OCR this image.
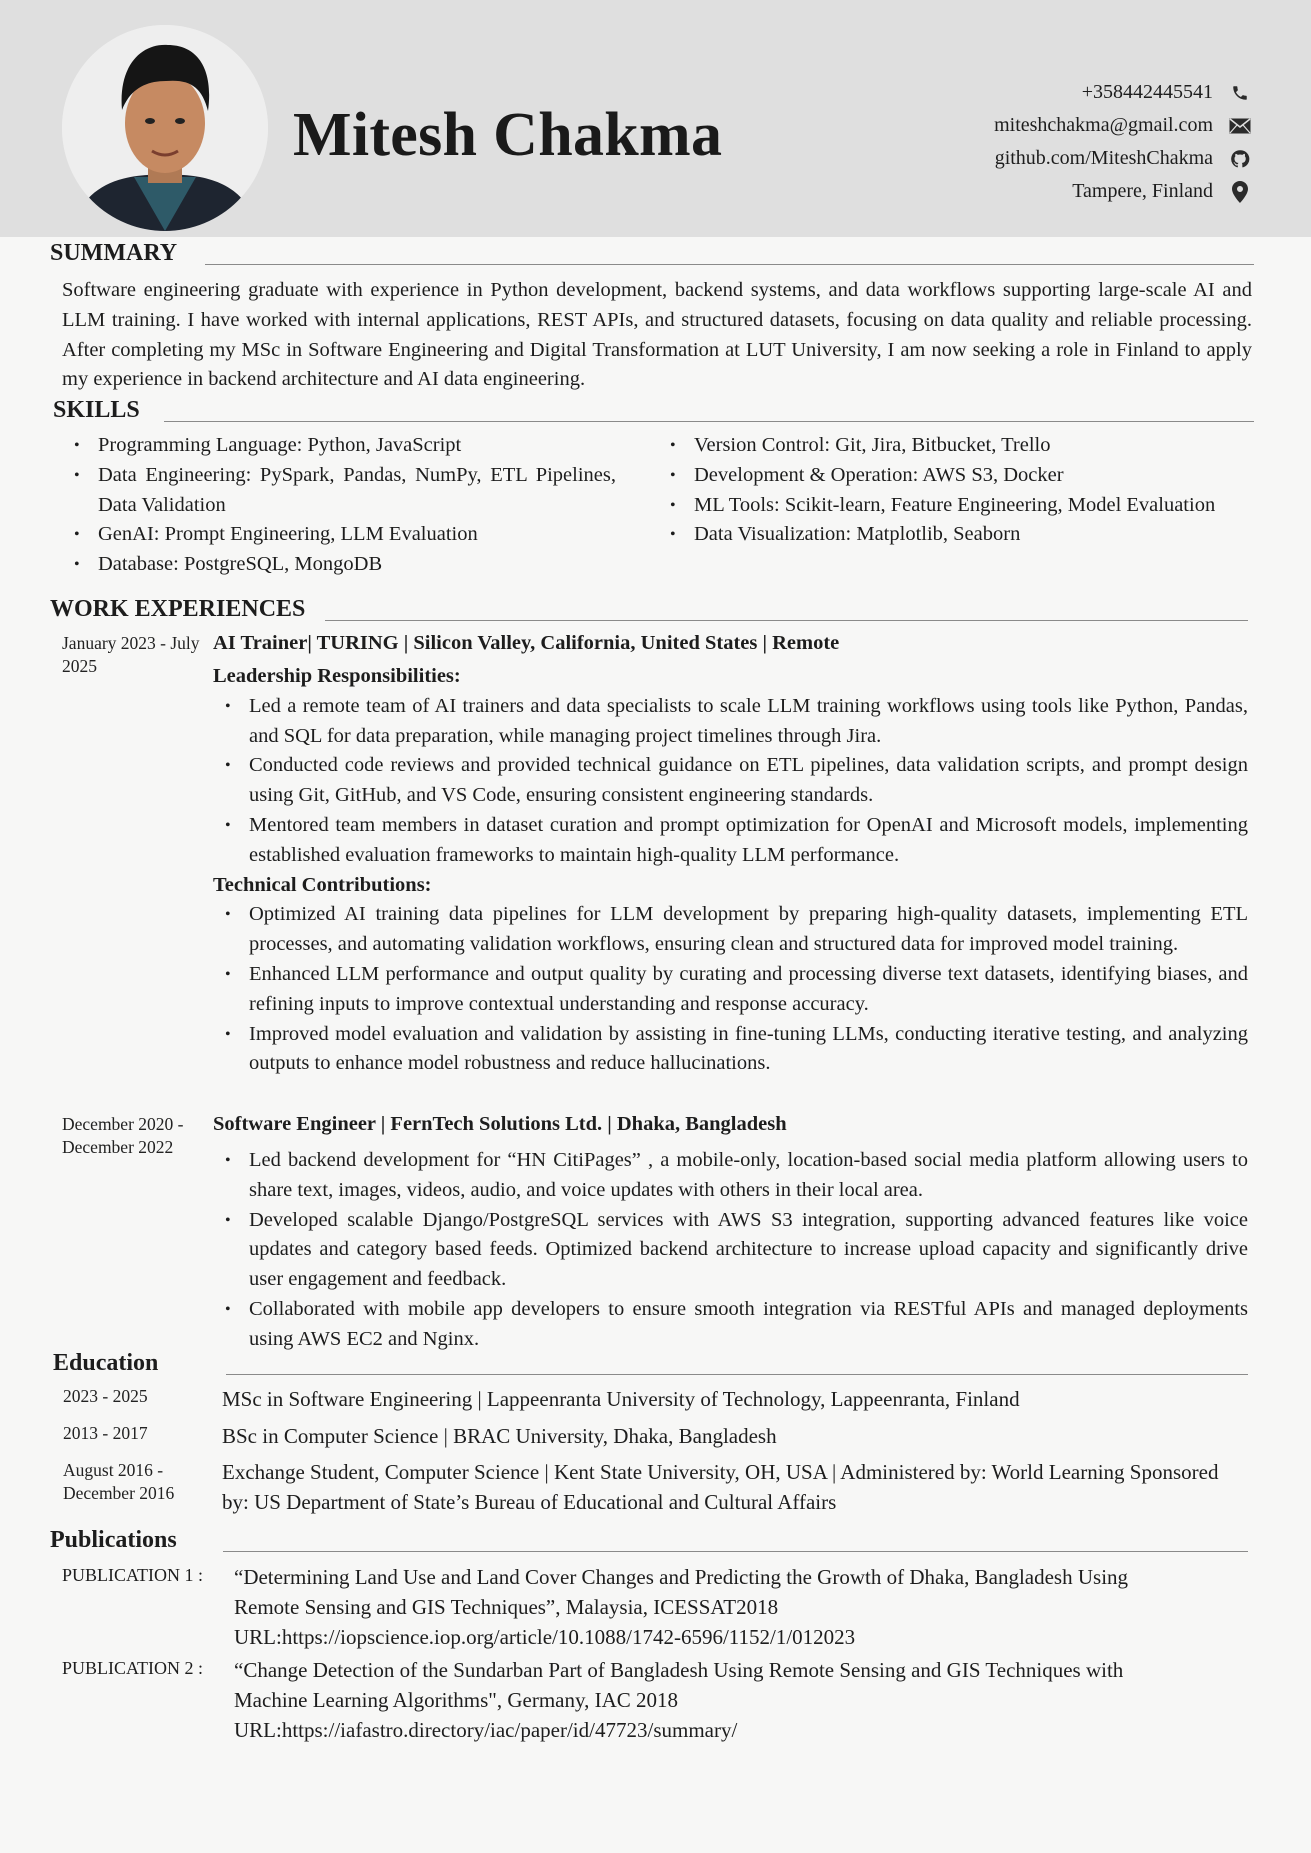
Mitesh Chakma
+358442445541
miteshchakma@gmail.com
github.com/MiteshChakma
Tampere, Finland
SUMMARY
Software engineering graduate with experience in Python development, backend systems, and data workflows supporting large-scale AI and LLM training. I have worked with internal applications, REST APIs, and structured datasets, focusing on data quality and reliable processing. After completing my MSc in Software Engineering and Digital Transformation at LUT University, I am now seeking a role in Finland to apply my experience in backend architecture and AI data engineering.
SKILLS
• Programming Language: Python, JavaScript
• Data Engineering: PySpark, Pandas, NumPy, ETL Pipelines, Data Validation
• GenAI: Prompt Engineering, LLM Evaluation
• Database: PostgreSQL, MongoDB
• Version Control: Git, Jira, Bitbucket, Trello
• Development & Operation: AWS S3, Docker
• ML Tools: Scikit-learn, Feature Engineering, Model Evaluation
• Data Visualization: Matplotlib, Seaborn
WORK EXPERIENCES
January 2023 - July 2025
AI Trainer| TURING | Silicon Valley, California, United States | Remote
Leadership Responsibilities:
• Led a remote team of AI trainers and data specialists to scale LLM training workflows using tools like Python, Pandas, and SQL for data preparation, while managing project timelines through Jira.
• Conducted code reviews and provided technical guidance on ETL pipelines, data validation scripts, and prompt design using Git, GitHub, and VS Code, ensuring consistent engineering standards.
• Mentored team members in dataset curation and prompt optimization for OpenAI and Microsoft models, implementing established evaluation frameworks to maintain high-quality LLM performance.
Technical Contributions:
• Optimized AI training data pipelines for LLM development by preparing high-quality datasets, implementing ETL processes, and automating validation workflows, ensuring clean and structured data for improved model training.
• Enhanced LLM performance and output quality by curating and processing diverse text datasets, identifying biases, and refining inputs to improve contextual understanding and response accuracy.
• Improved model evaluation and validation by assisting in fine-tuning LLMs, conducting iterative testing, and analyzing outputs to enhance model robustness and reduce hallucinations.
December 2020 - December 2022
Software Engineer | FernTech Solutions Ltd. | Dhaka, Bangladesh
• Led backend development for “HN CitiPages” , a mobile-only, location-based social media platform allowing users to share text, images, videos, audio, and voice updates with others in their local area.
• Developed scalable Django/PostgreSQL services with AWS S3 integration, supporting advanced features like voice updates and category based feeds. Optimized backend architecture to increase upload capacity and significantly drive user engagement and feedback.
• Collaborated with mobile app developers to ensure smooth integration via RESTful APIs and managed deployments using AWS EC2 and Nginx.
Education
2023 - 2025	MSc in Software Engineering | Lappeenranta University of Technology, Lappeenranta, Finland
2013 - 2017	BSc in Computer Science | BRAC University, Dhaka, Bangladesh
August 2016 - December 2016
Exchange Student, Computer Science | Kent State University, OH, USA | Administered by: World Learning Sponsored by: US Department of State’s Bureau of Educational and Cultural Affairs
Publications
PUBLICATION 1 : “Determining Land Use and Land Cover Changes and Predicting the Growth of Dhaka, Bangladesh Using
Remote Sensing and GIS Techniques”, Malaysia, ICESSAT2018
URL:https://iopscience.iop.org/article/10.1088/1742-6596/1152/1/012023
PUBLICATION 2 : “Change Detection of the Sundarban Part of Bangladesh Using Remote Sensing and GIS Techniques with
Machine Learning Algorithms", Germany, IAC 2018
URL:https://iafastro.directory/iac/paper/id/47723/summary/
